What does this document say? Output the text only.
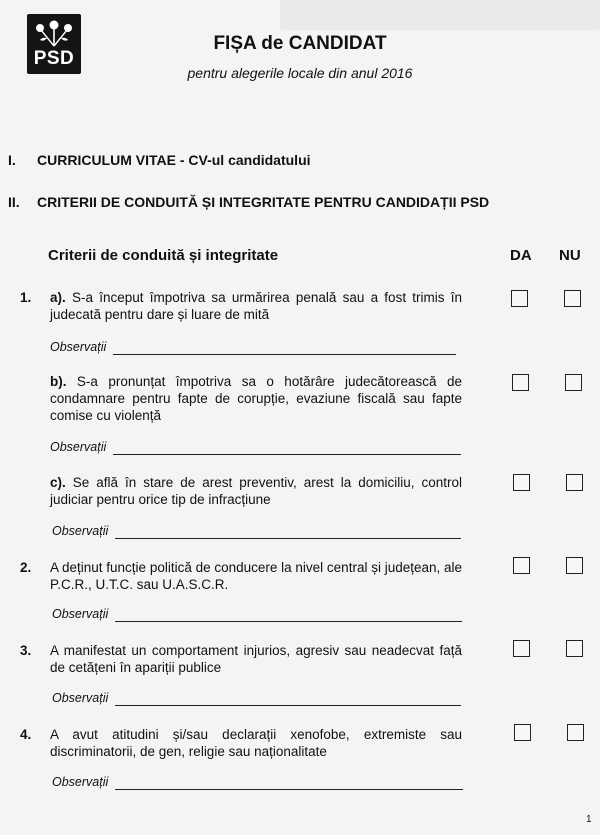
PSD
FIȘA de CANDIDAT
pentru alegerile locale din anul 2016
I. CURRICULUM VITAE - CV-ul candidatului
II. CRITERII DE CONDUITĂ ȘI INTEGRITATE PENTRU CANDIDAȚII PSD
Criterii de conduită și integritate	DA NU
1.	a). S-a început împotriva sa urmărirea penală sau a fost trimis în judecată pentru dare și luare de mită
Observații
b). S-a pronunțat împotriva sa o hotărâre judecătorească de condamnare pentru fapte de corupție, evaziune fiscală sau fapte comise cu violență
Observații
c). Se află în stare de arest preventiv, arest la domiciliu, control judiciar pentru orice tip de infracțiune
Observații
2.	A deținut funcție politică de conducere la nivel central și județean, ale P.C.R., U.T.C. sau U.A.S.C.R.
Observații
3.	A manifestat un comportament injurios, agresiv sau neadecvat față de cetățeni în apariții publice
Observații
4.	A avut atitudini și/sau declarații xenofobe, extremiste sau discriminatorii, de gen, religie sau naționalitate
Observații
1
